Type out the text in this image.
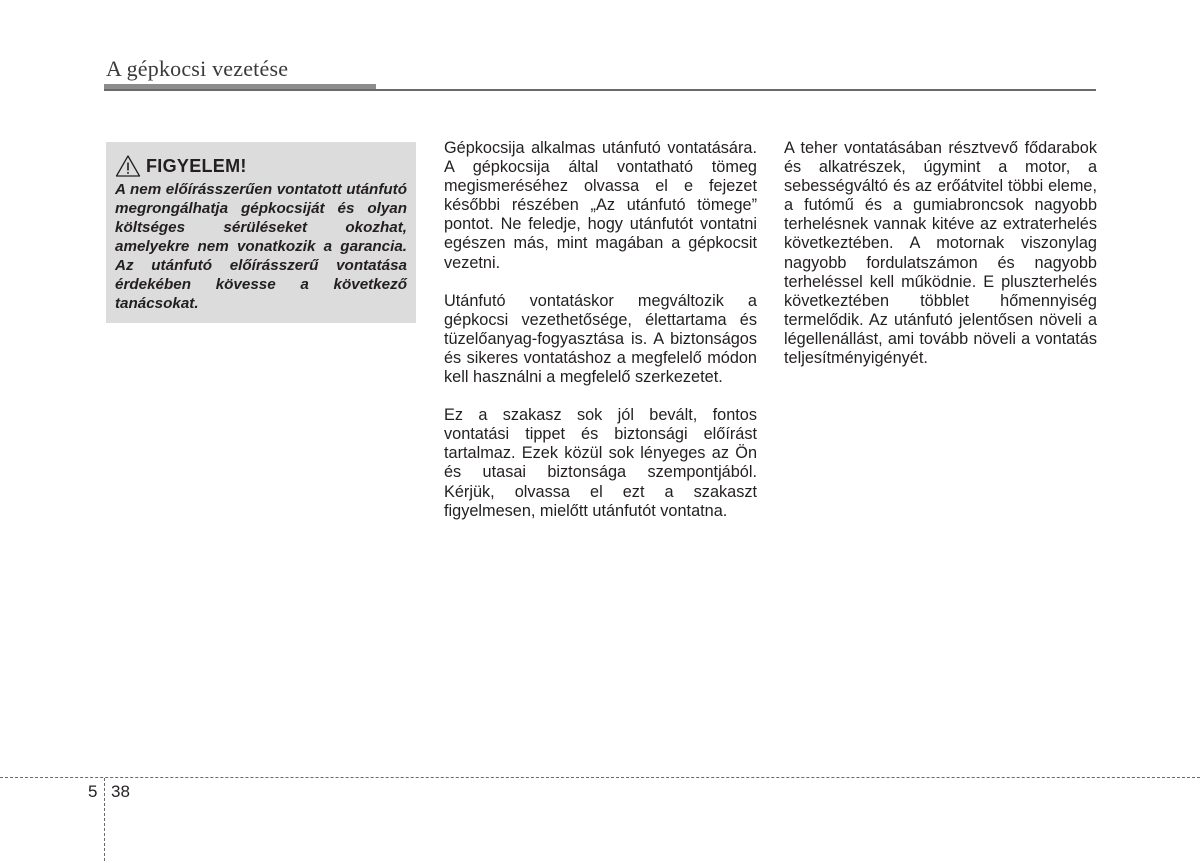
A gépkocsi vezetése
FIGYELEM!
A nem előírásszerűen vontatott utánfutó megrongálhatja gépkocsiját és olyan költséges sérüléseket okozhat, amelyekre nem vonatkozik a garancia. Az utánfutó előírásszerű vontatása érdekében kövesse a következő tanácsokat.

Gépkocsija alkalmas utánfutó vontatására. A gépkocsija által vontatható tömeg megismeréséhez olvassa el e fejezet későbbi részében „Az utánfutó tömege” pontot. Ne feledje, hogy utánfutót vontatni egészen más, mint magában a gépkocsit vezetni.

Utánfutó vontatáskor megváltozik a gépkocsi vezethetősége, élettartama és tüzelőanyag-fogyasztása is. A biztonságos és sikeres vontatáshoz a megfelelő módon kell használni a megfelelő szerkezetet.

Ez a szakasz sok jól bevált, fontos vontatási tippet és biztonsági előírást tartalmaz. Ezek közül sok lényeges az Ön és utasai biztonsága szempontjából. Kérjük, olvassa el ezt a szakaszt figyelmesen, mielőtt utánfutót vontatna.

A teher vontatásában résztvevő fődarabok és alkatrészek, úgymint a motor, a sebességváltó és az erőátvitel többi eleme, a futómű és a gumiabroncsok nagyobb terhelésnek vannak kitéve az extraterhelés következtében. A motornak viszonylag nagyobb fordulatszámon és nagyobb terheléssel kell működnie. E pluszterhelés következtében többlet hőmennyiség termelődik. Az utánfutó jelentősen növeli a légellenállást, ami tovább növeli a vontatás teljesítményigényét.

5 38
